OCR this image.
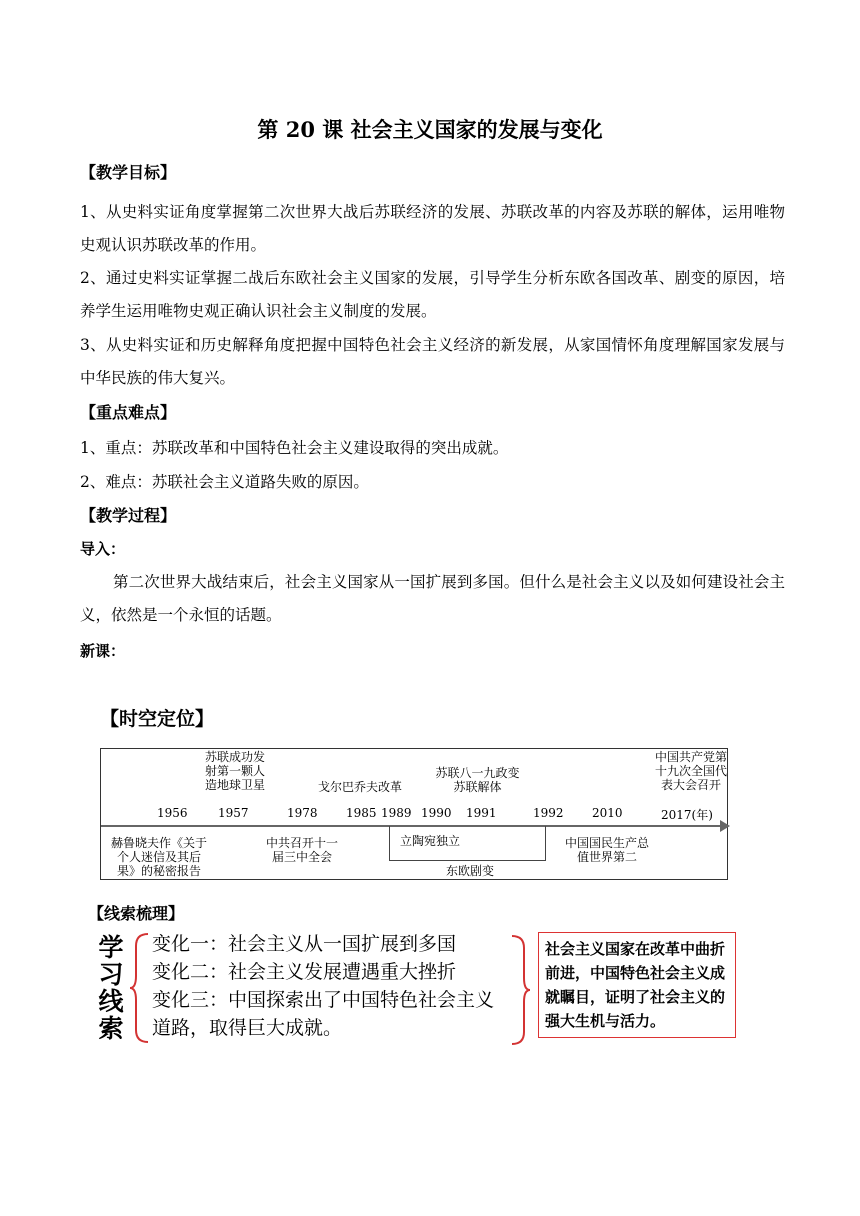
第 20 课 社会主义国家的发展与变化
【教学目标】
1、从史料实证角度掌握第二次世界大战后苏联经济的发展、苏联改革的内容及苏联的解体，运用唯物史观认识苏联改革的作用。
2、通过史料实证掌握二战后东欧社会主义国家的发展，引导学生分析东欧各国改革、剧变的原因，培养学生运用唯物史观正确认识社会主义制度的发展。
3、从史料实证和历史解释角度把握中国特色社会主义经济的新发展，从家国情怀角度理解国家发展与中华民族的伟大复兴。
【重点难点】
1、重点：苏联改革和中国特色社会主义建设取得的突出成就。
2、难点：苏联社会主义道路失败的原因。
【教学过程】
导入：
第二次世界大战结束后，社会主义国家从一国扩展到多国。但什么是社会主义以及如何建设社会主义，依然是一个永恒的话题。
新课：
【时空定位】
1956	1957	1978 1985 1989 1990 1991	1992 2010	2017(年)
苏联成功发射第一颗人造地球卫星	戈尔巴乔夫改革
苏联八一九政变苏联解体
中国共产党第十九次全国代表大会召开
赫鲁晓夫作《关于个人迷信及其后果》的秘密报告
中共召开十一届三中全会
立陶宛独立
东欧剧变
中国国民生产总值世界第二
【线索梳理】
学
习
线
索
变化一：社会主义从一国扩展到多国
变化二：社会主义发展遭遇重大挫折
变化三：中国探索出了中国特色社会主义
道路，取得巨大成就。
社会主义国家在改革中曲折前进，中国特色社会主义成就瞩目，证明了社会主义的强大生机与活力。
